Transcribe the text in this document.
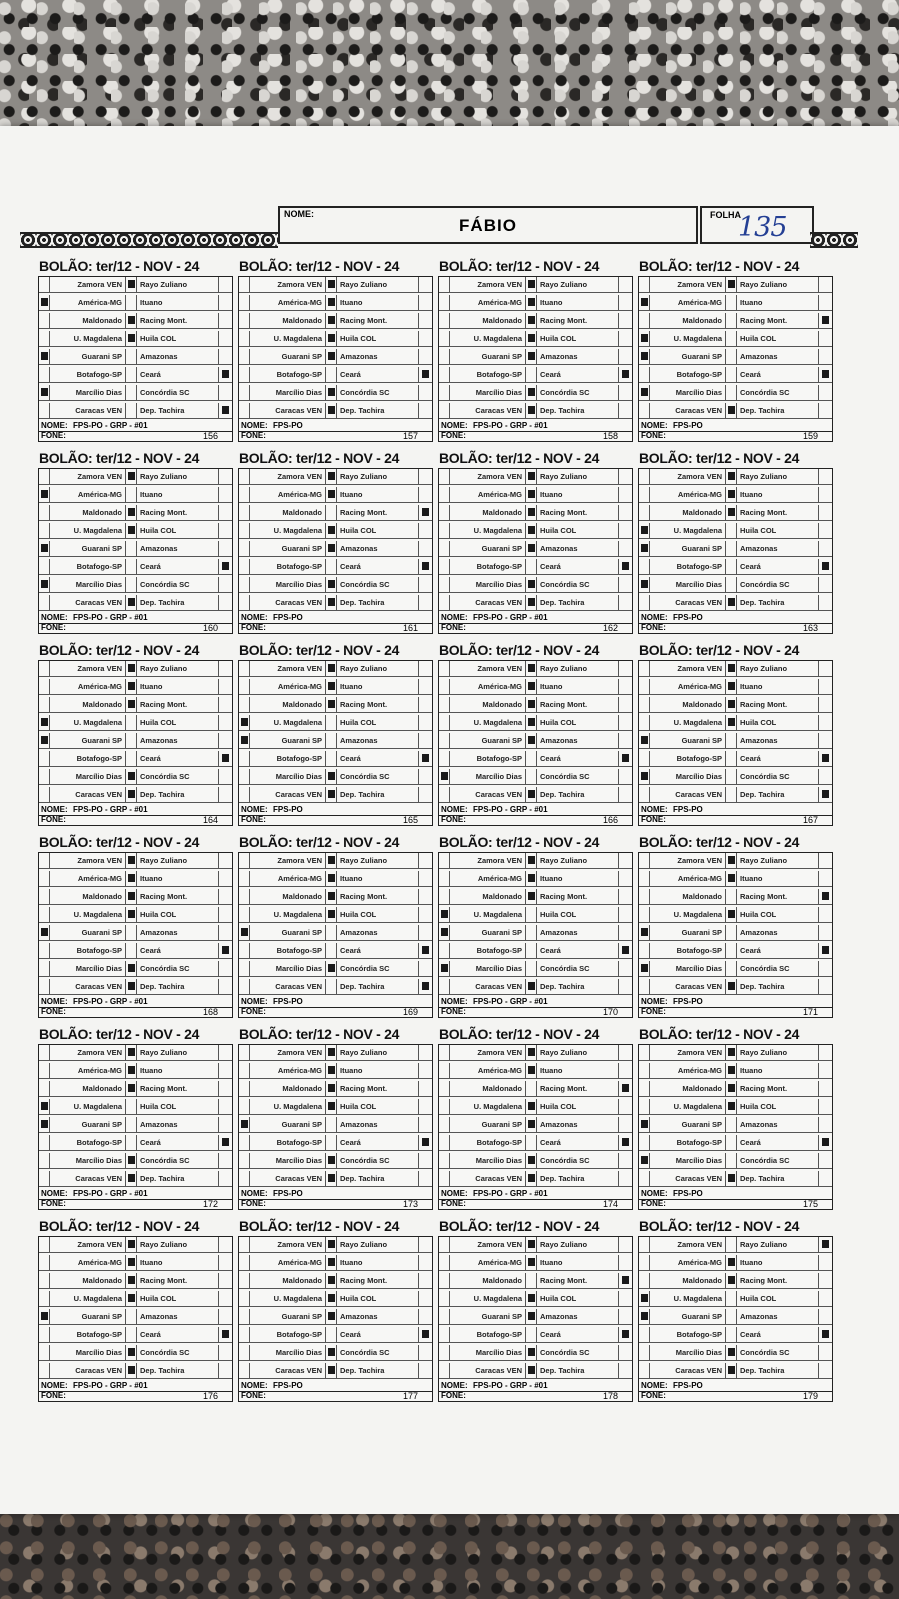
NOME:
FÁBIO
FOLHA
135
BOLÃO: ter/12 - NOV - 24
Zamora VEN	Rayo Zuliano
América-MG	Ituano
Maldonado	Racing Mont.
U. Magdalena	Huila COL
Guarani SP	Amazonas
Botafogo-SP	Ceará
Marcílio Dias	Concórdia SC
Caracas VEN	Dep. Tachira
NOME: FPS-PO - GRP - #01
FONE:	156
BOLÃO: ter/12 - NOV - 24
Zamora VEN	Rayo Zuliano
América-MG	Ituano
Maldonado	Racing Mont.
U. Magdalena	Huila COL
Guarani SP	Amazonas
Botafogo-SP	Ceará
Marcílio Dias	Concórdia SC
Caracas VEN	Dep. Tachira
NOME: FPS-PO
FONE:	157
BOLÃO: ter/12 - NOV - 24
Zamora VEN	Rayo Zuliano
América-MG	Ituano
Maldonado	Racing Mont.
U. Magdalena	Huila COL
Guarani SP	Amazonas
Botafogo-SP	Ceará
Marcílio Dias	Concórdia SC
Caracas VEN	Dep. Tachira
NOME: FPS-PO - GRP - #01
FONE:	158
BOLÃO: ter/12 - NOV - 24
Zamora VEN	Rayo Zuliano
América-MG	Ituano
Maldonado	Racing Mont.
U. Magdalena	Huila COL
Guarani SP	Amazonas
Botafogo-SP	Ceará
Marcílio Dias	Concórdia SC
Caracas VEN	Dep. Tachira
NOME: FPS-PO
FONE:	159
BOLÃO: ter/12 - NOV - 24
Zamora VEN	Rayo Zuliano
América-MG	Ituano
Maldonado	Racing Mont.
U. Magdalena	Huila COL
Guarani SP	Amazonas
Botafogo-SP	Ceará
Marcílio Dias	Concórdia SC
Caracas VEN	Dep. Tachira
NOME: FPS-PO - GRP - #01
FONE:	160
BOLÃO: ter/12 - NOV - 24
Zamora VEN	Rayo Zuliano
América-MG	Ituano
Maldonado	Racing Mont.
U. Magdalena	Huila COL
Guarani SP	Amazonas
Botafogo-SP	Ceará
Marcílio Dias	Concórdia SC
Caracas VEN	Dep. Tachira
NOME: FPS-PO
FONE:	161
BOLÃO: ter/12 - NOV - 24
Zamora VEN	Rayo Zuliano
América-MG	Ituano
Maldonado	Racing Mont.
U. Magdalena	Huila COL
Guarani SP	Amazonas
Botafogo-SP	Ceará
Marcílio Dias	Concórdia SC
Caracas VEN	Dep. Tachira
NOME: FPS-PO - GRP - #01
FONE:	162
BOLÃO: ter/12 - NOV - 24
Zamora VEN	Rayo Zuliano
América-MG	Ituano
Maldonado	Racing Mont.
U. Magdalena	Huila COL
Guarani SP	Amazonas
Botafogo-SP	Ceará
Marcílio Dias	Concórdia SC
Caracas VEN	Dep. Tachira
NOME: FPS-PO
FONE:	163
BOLÃO: ter/12 - NOV - 24
Zamora VEN	Rayo Zuliano
América-MG	Ituano
Maldonado	Racing Mont.
U. Magdalena	Huila COL
Guarani SP	Amazonas
Botafogo-SP	Ceará
Marcílio Dias	Concórdia SC
Caracas VEN	Dep. Tachira
NOME: FPS-PO - GRP - #01
FONE:	164
BOLÃO: ter/12 - NOV - 24
Zamora VEN	Rayo Zuliano
América-MG	Ituano
Maldonado	Racing Mont.
U. Magdalena	Huila COL
Guarani SP	Amazonas
Botafogo-SP	Ceará
Marcílio Dias	Concórdia SC
Caracas VEN	Dep. Tachira
NOME: FPS-PO
FONE:	165
BOLÃO: ter/12 - NOV - 24
Zamora VEN	Rayo Zuliano
América-MG	Ituano
Maldonado	Racing Mont.
U. Magdalena	Huila COL
Guarani SP	Amazonas
Botafogo-SP	Ceará
Marcílio Dias	Concórdia SC
Caracas VEN	Dep. Tachira
NOME: FPS-PO - GRP - #01
FONE:	166
BOLÃO: ter/12 - NOV - 24
Zamora VEN	Rayo Zuliano
América-MG	Ituano
Maldonado	Racing Mont.
U. Magdalena	Huila COL
Guarani SP	Amazonas
Botafogo-SP	Ceará
Marcílio Dias	Concórdia SC
Caracas VEN	Dep. Tachira
NOME: FPS-PO
FONE:	167
BOLÃO: ter/12 - NOV - 24
Zamora VEN	Rayo Zuliano
América-MG	Ituano
Maldonado	Racing Mont.
U. Magdalena	Huila COL
Guarani SP	Amazonas
Botafogo-SP	Ceará
Marcílio Dias	Concórdia SC
Caracas VEN	Dep. Tachira
NOME: FPS-PO - GRP - #01
FONE:	168
BOLÃO: ter/12 - NOV - 24
Zamora VEN	Rayo Zuliano
América-MG	Ituano
Maldonado	Racing Mont.
U. Magdalena	Huila COL
Guarani SP	Amazonas
Botafogo-SP	Ceará
Marcílio Dias	Concórdia SC
Caracas VEN	Dep. Tachira
NOME: FPS-PO
FONE:	169
BOLÃO: ter/12 - NOV - 24
Zamora VEN	Rayo Zuliano
América-MG	Ituano
Maldonado	Racing Mont.
U. Magdalena	Huila COL
Guarani SP	Amazonas
Botafogo-SP	Ceará
Marcílio Dias	Concórdia SC
Caracas VEN	Dep. Tachira
NOME: FPS-PO - GRP - #01
FONE:	170
BOLÃO: ter/12 - NOV - 24
Zamora VEN	Rayo Zuliano
América-MG	Ituano
Maldonado	Racing Mont.
U. Magdalena	Huila COL
Guarani SP	Amazonas
Botafogo-SP	Ceará
Marcílio Dias	Concórdia SC
Caracas VEN	Dep. Tachira
NOME: FPS-PO
FONE:	171
BOLÃO: ter/12 - NOV - 24
Zamora VEN	Rayo Zuliano
América-MG	Ituano
Maldonado	Racing Mont.
U. Magdalena	Huila COL
Guarani SP	Amazonas
Botafogo-SP	Ceará
Marcílio Dias	Concórdia SC
Caracas VEN	Dep. Tachira
NOME: FPS-PO - GRP - #01
FONE:	172
BOLÃO: ter/12 - NOV - 24
Zamora VEN	Rayo Zuliano
América-MG	Ituano
Maldonado	Racing Mont.
U. Magdalena	Huila COL
Guarani SP	Amazonas
Botafogo-SP	Ceará
Marcílio Dias	Concórdia SC
Caracas VEN	Dep. Tachira
NOME: FPS-PO
FONE:	173
BOLÃO: ter/12 - NOV - 24
Zamora VEN	Rayo Zuliano
América-MG	Ituano
Maldonado	Racing Mont.
U. Magdalena	Huila COL
Guarani SP	Amazonas
Botafogo-SP	Ceará
Marcílio Dias	Concórdia SC
Caracas VEN	Dep. Tachira
NOME: FPS-PO - GRP - #01
FONE:	174
BOLÃO: ter/12 - NOV - 24
Zamora VEN	Rayo Zuliano
América-MG	Ituano
Maldonado	Racing Mont.
U. Magdalena	Huila COL
Guarani SP	Amazonas
Botafogo-SP	Ceará
Marcílio Dias	Concórdia SC
Caracas VEN	Dep. Tachira
NOME: FPS-PO
FONE:	175
BOLÃO: ter/12 - NOV - 24
Zamora VEN	Rayo Zuliano
América-MG	Ituano
Maldonado	Racing Mont.
U. Magdalena	Huila COL
Guarani SP	Amazonas
Botafogo-SP	Ceará
Marcílio Dias	Concórdia SC
Caracas VEN	Dep. Tachira
NOME: FPS-PO - GRP - #01
FONE:	176
BOLÃO: ter/12 - NOV - 24
Zamora VEN	Rayo Zuliano
América-MG	Ituano
Maldonado	Racing Mont.
U. Magdalena	Huila COL
Guarani SP	Amazonas
Botafogo-SP	Ceará
Marcílio Dias	Concórdia SC
Caracas VEN	Dep. Tachira
NOME: FPS-PO
FONE:	177
BOLÃO: ter/12 - NOV - 24
Zamora VEN	Rayo Zuliano
América-MG	Ituano
Maldonado	Racing Mont.
U. Magdalena	Huila COL
Guarani SP	Amazonas
Botafogo-SP	Ceará
Marcílio Dias	Concórdia SC
Caracas VEN	Dep. Tachira
NOME: FPS-PO - GRP - #01
FONE:	178
BOLÃO: ter/12 - NOV - 24
Zamora VEN	Rayo Zuliano
América-MG	Ituano
Maldonado	Racing Mont.
U. Magdalena	Huila COL
Guarani SP	Amazonas
Botafogo-SP	Ceará
Marcílio Dias	Concórdia SC
Caracas VEN	Dep. Tachira
NOME: FPS-PO
FONE:	179
